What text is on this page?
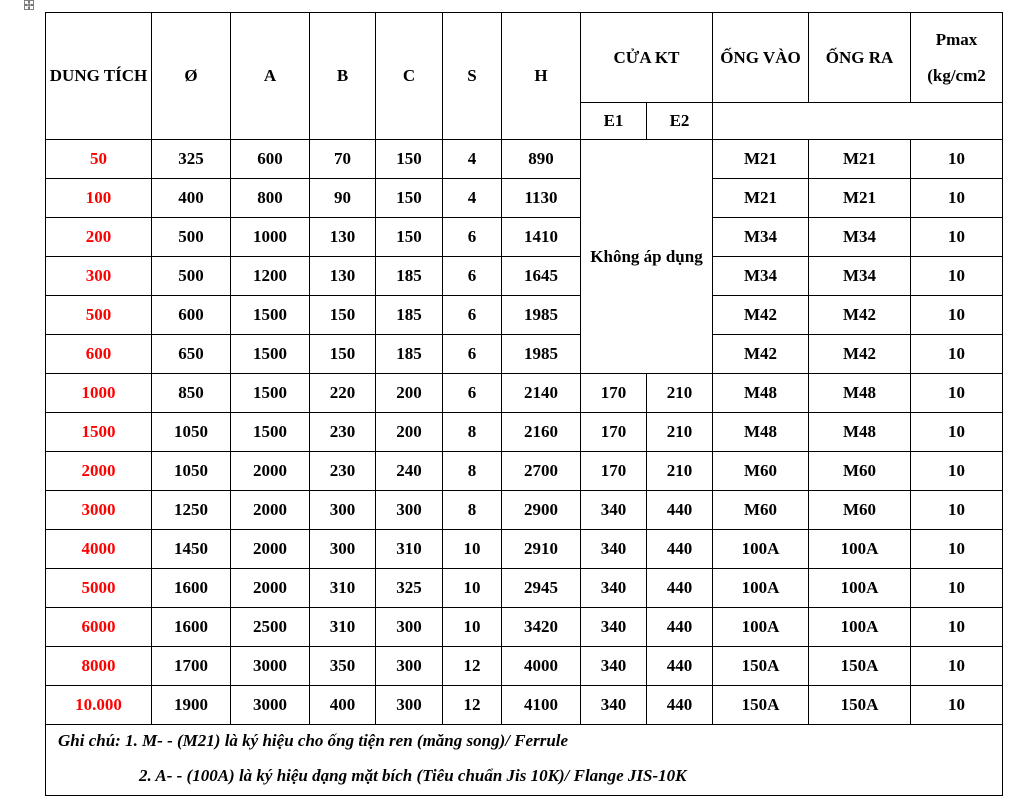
DUNG TÍCH	Ø	A	B	C	S	H	CỬA KT		ỐNG VÀO	ỐNG RA	Pmax (kg/cm2
							E1	E2			
50	325	600	70	150	4	890	Không áp dụng		M21	M21	10
100	400	800	90	150	4	1130			M21	M21	10
200	500	1000	130	150	6	1410			M34	M34	10
300	500	1200	130	185	6	1645			M34	M34	10
500	600	1500	150	185	6	1985			M42	M42	10
600	650	1500	150	185	6	1985			M42	M42	10
1000	850	1500	220	200	6	2140	170	210	M48	M48	10
1500	1050	1500	230	200	8	2160	170	210	M48	M48	10
2000	1050	2000	230	240	8	2700	170	210	M60	M60	10
3000	1250	2000	300	300	8	2900	340	440	M60	M60	10
4000	1450	2000	300	310	10	2910	340	440	100A	100A	10
5000	1600	2000	310	325	10	2945	340	440	100A	100A	10
6000	1600	2500	310	300	10	3420	340	440	100A	100A	10
8000	1700	3000	350	300	12	4000	340	440	150A	150A	10
10.000	1900	3000	400	300	12	4100	340	440	150A	150A	10

Ghi chú: 1. M- - (M21) là ký hiệu cho ống tiện ren (măng song)/ Ferrule
2. A- - (100A) là ký hiệu dạng mặt bích (Tiêu chuẩn Jis 10K)/ Flange JIS-10K											
